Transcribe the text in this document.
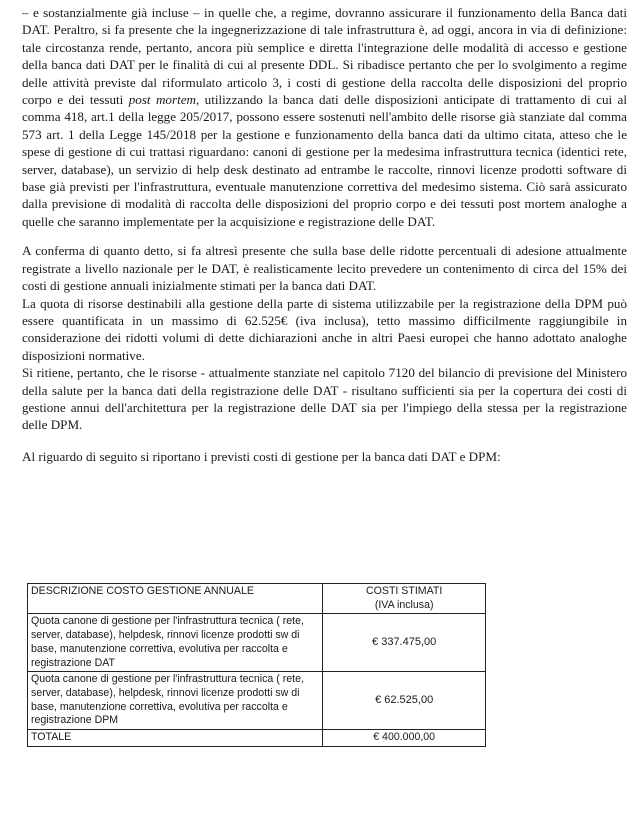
– e sostanzialmente già incluse – in quelle che, a regime, dovranno assicurare il funzionamento della Banca dati DAT. Peraltro, si fa presente che la ingegnerizzazione di tale infrastruttura è, ad oggi, ancora in via di definizione: tale circostanza rende, pertanto, ancora più semplice e diretta l'integrazione delle modalità di accesso e gestione della banca dati DAT per le finalità di cui al presente DDL. Si ribadisce pertanto che per lo svolgimento a regime delle attività previste dal riformulato articolo 3, i costi di gestione della raccolta delle disposizioni del proprio corpo e dei tessuti post mortem, utilizzando la banca dati delle disposizioni anticipate di trattamento di cui al comma 418, art.1 della legge 205/2017, possono essere sostenuti nell'ambito delle risorse già stanziate dal comma 573 art. 1 della Legge 145/2018 per la gestione e funzionamento della banca dati da ultimo citata, atteso che le spese di gestione di cui trattasi riguardano: canoni di gestione per la medesima infrastruttura tecnica (identici rete, server, database), un servizio di help desk destinato ad entrambe le raccolte, rinnovi licenze prodotti software di base già previsti per l'infrastruttura, eventuale manutenzione correttiva del medesimo sistema. Ciò sarà assicurato dalla previsione di modalità di raccolta delle disposizioni del proprio corpo e dei tessuti post mortem analoghe a quelle che saranno implementate per la acquisizione e registrazione delle DAT.

A conferma di quanto detto, si fa altresì presente che sulla base delle ridotte percentuali di adesione attualmente registrate a livello nazionale per le DAT, è realisticamente lecito prevedere un contenimento di circa del 15% dei costi di gestione annuali inizialmente stimati per la banca dati DAT.

La quota di risorse destinabili alla gestione della parte di sistema utilizzabile per la registrazione della DPM può essere quantificata in un massimo di 62.525€ (iva inclusa), tetto massimo difficilmente raggiungibile in considerazione dei ridotti volumi di dette dichiarazioni anche in altri Paesi europei che hanno adottato analoghe disposizioni normative.

Si ritiene, pertanto, che le risorse - attualmente stanziate nel capitolo 7120 del bilancio di previsione del Ministero della salute per la banca dati della registrazione delle DAT - risultano sufficienti sia per la copertura dei costi di gestione annui dell'architettura per la registrazione delle DAT sia per l'impiego della stessa per la registrazione delle DPM.

Al riguardo di seguito si riportano i previsti costi di gestione per la banca dati DAT e DPM:

DESCRIZIONE COSTO GESTIONE ANNUALE	COSTI STIMATI
(IVA inclusa)

Quota canone di gestione per l'infrastruttura tecnica ( rete, server, database), helpdesk, rinnovi licenze prodotti sw di base, manutenzione correttiva, evolutiva per raccolta e registrazione DAT	€ 337.475,00
Quota canone di gestione per l'infrastruttura tecnica ( rete, server, database), helpdesk, rinnovi licenze prodotti sw di base, manutenzione correttiva, evolutiva per raccolta e registrazione DPM	€ 62.525,00
TOTALE	€ 400.000,00
